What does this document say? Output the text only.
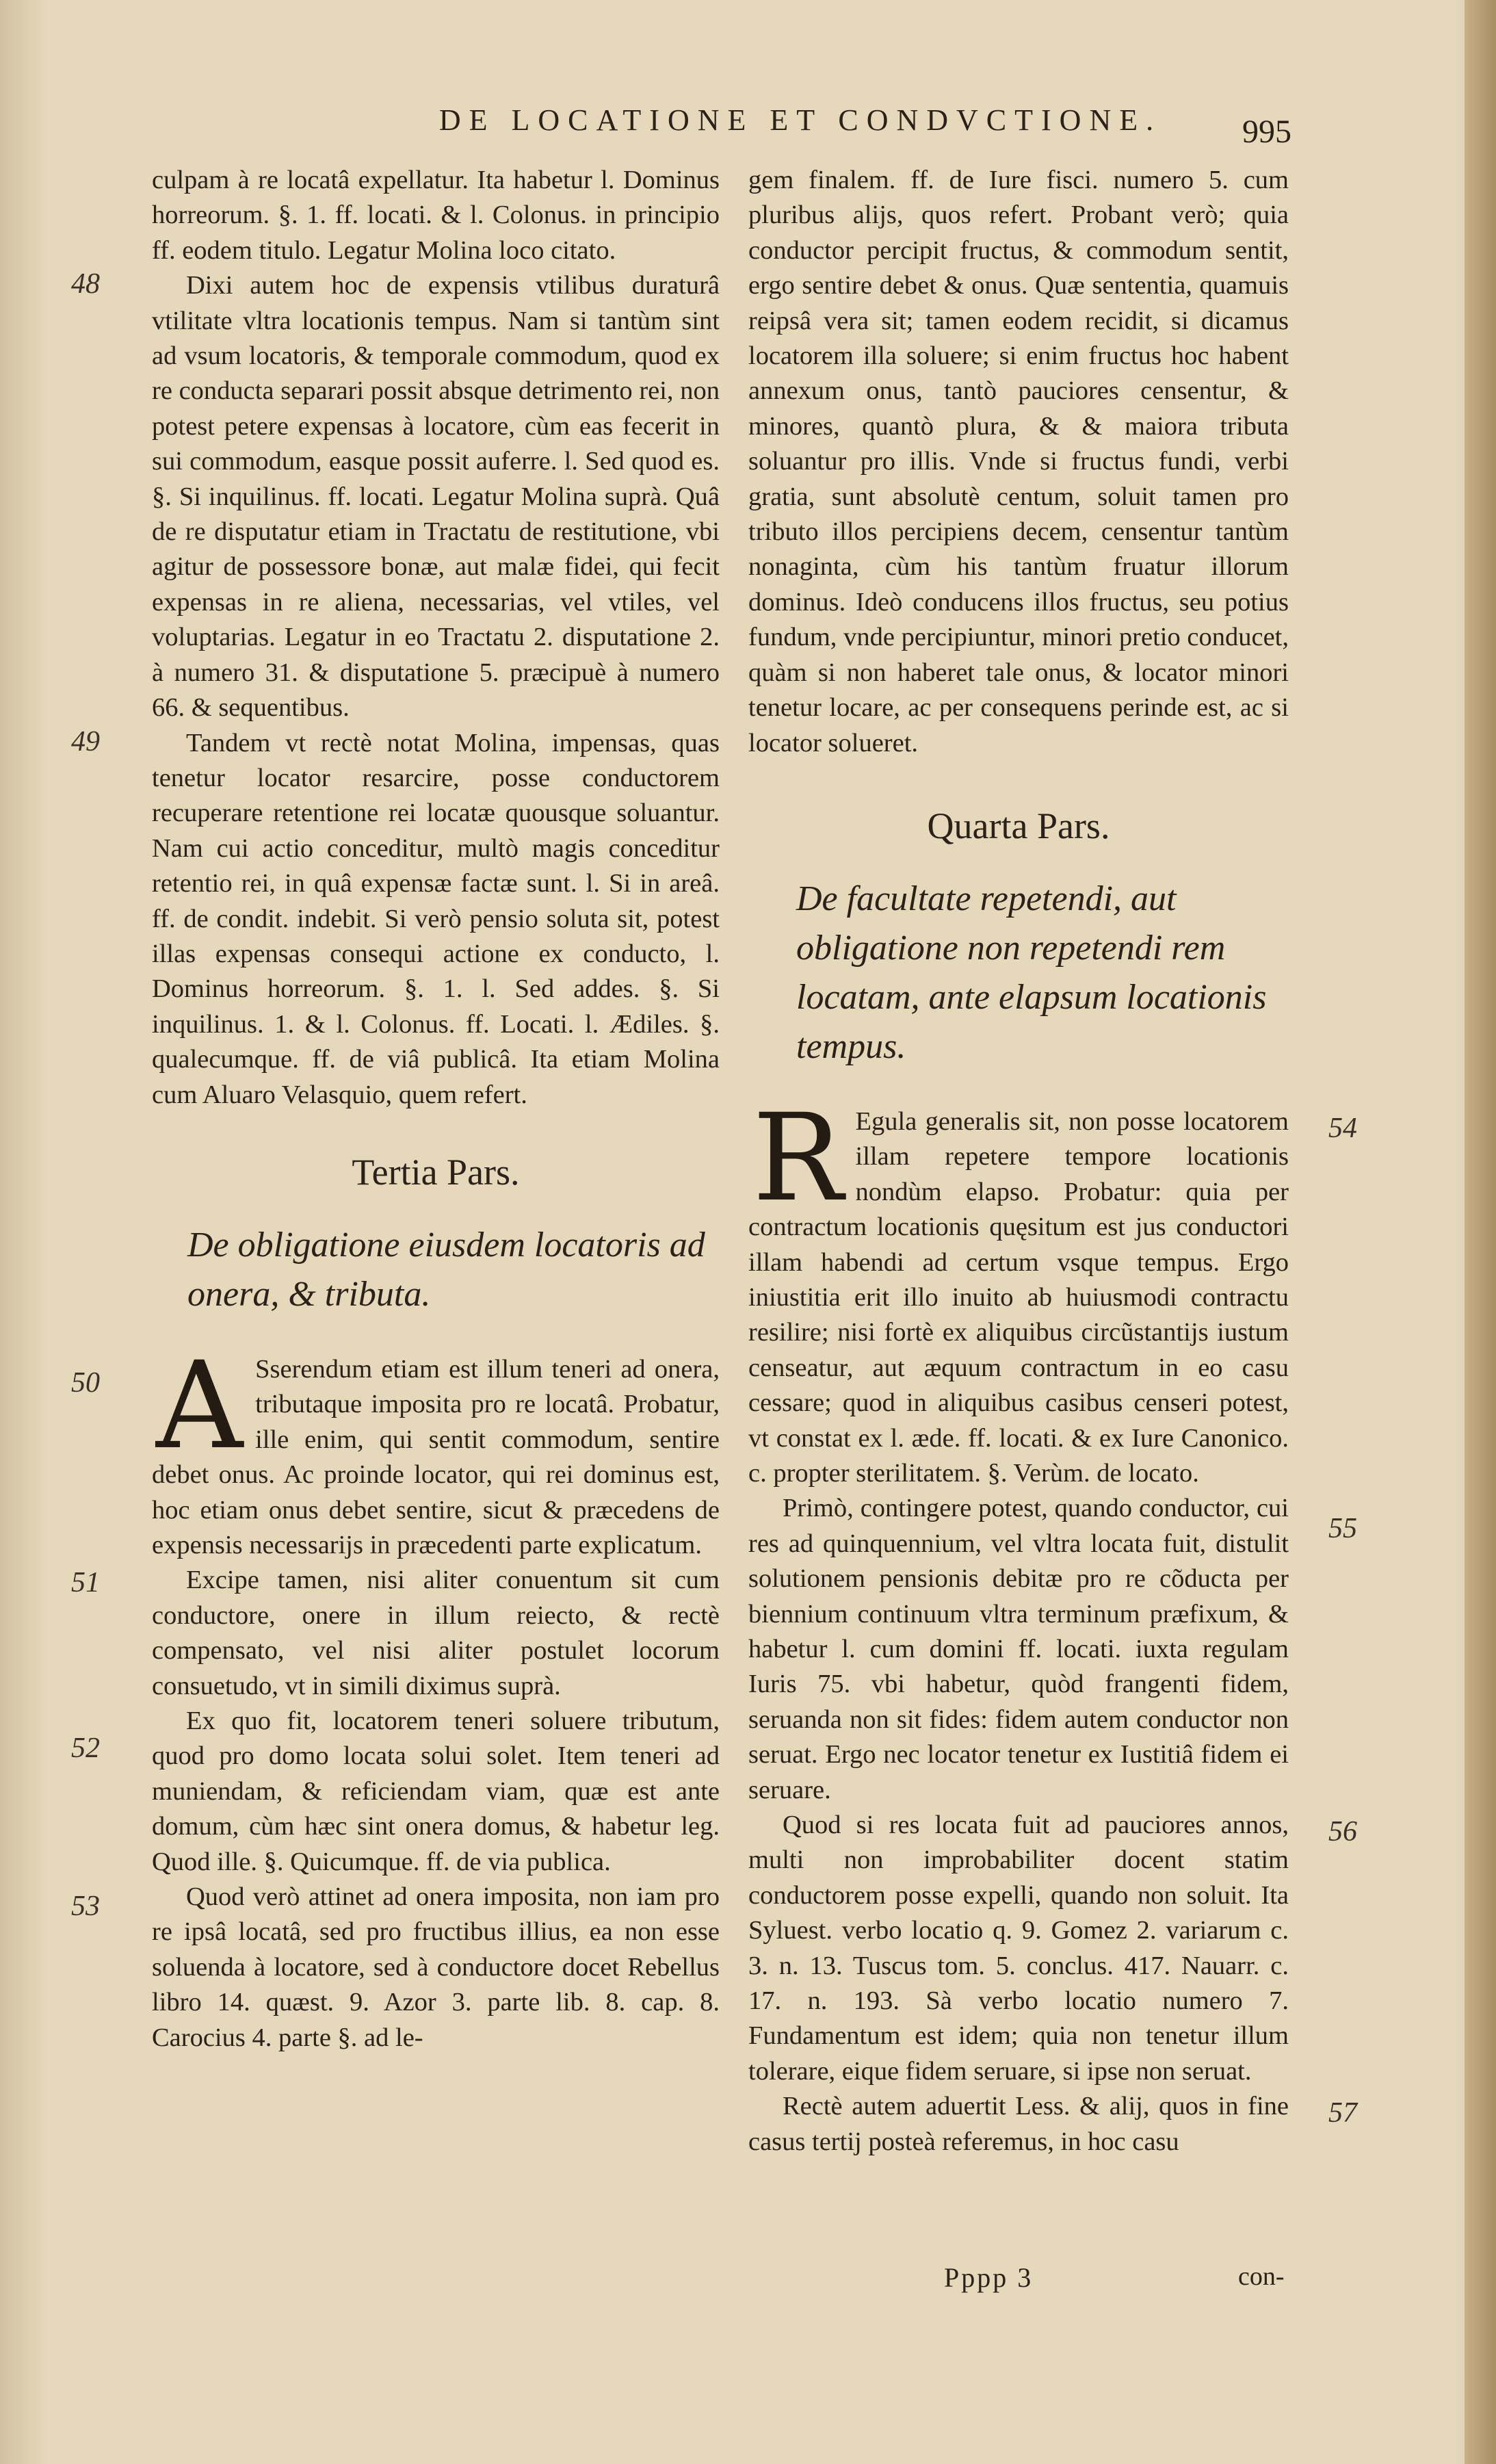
DE LOCATIONE ET CONDVCTIONE.	995

culpam à re locatâ expellatur. Ita habetur l. Dominus horreorum. §. 1. ff. locati. & l. Colonus. in principio ff. eodem titulo. Legatur Molina loco citato.

48	Dixi autem hoc de expensis vtilibus duraturâ vtilitate vltra locationis tempus. Nam si tantùm sint ad vsum locatoris, & temporale commodum, quod ex re conducta separari possit absque detrimento rei, non potest petere expensas à locatore, cùm eas fecerit in sui commodum, easque possit auferre. l. Sed quod es. §. Si inquilinus. ff. locati. Legatur Molina suprà. Quâ de re disputatur etiam in Tractatu de restitutione, vbi agitur de possessore bonæ, aut malæ fidei, qui fecit expensas in re aliena, necessarias, vel vtiles, vel voluptarias. Legatur in eo Tractatu 2. disputatione 2. à numero 31. & disputatione 5. præcipuè à numero 66. & sequentibus.

49	Tandem vt rectè notat Molina, impensas, quas tenetur locator resarcire, posse conductorem recuperare retentione rei locatæ quousque soluantur. Nam cui actio conceditur, multò magis conceditur retentio rei, in quâ expensæ factæ sunt. l. Si in areâ. ff. de condit. indebit. Si verò pensio soluta sit, potest illas expensas consequi actione ex conducto, l. Dominus horreorum. §. 1. l. Sed addes. §. Si inquilinus. 1. & l. Colonus. ff. Locati. l. Ædiles. §. qualecumque. ff. de viâ publicâ. Ita etiam Molina cum Aluaro Velasquio, quem refert.

Tertia Pars.
De obligatione eiusdem locatoris ad onera, & tributa.
50 A Sserendum etiam est illum teneri ad onera, tributaque imposita pro re locatâ. Probatur, ille enim, qui sentit commodum, sentire debet onus. Ac proinde locator, qui rei dominus est, hoc etiam onus debet sentire, sicut & præcedens de expensis necessarijs in præcedenti parte explicatum.

51	Excipe tamen, nisi aliter conuentum sit cum conductore, onere in illum reiecto, & rectè compensato, vel nisi aliter postulet locorum consuetudo, vt in simili diximus suprà.

52

Ex quo fit, locatorem teneri soluere tributum, quod pro domo locata solui solet. Item teneri ad muniendam, & reficiendam viam, quæ est ante domum, cùm hæc sint onera domus, & habetur leg. Quod ille. §. Quicumque. ff. de via publica.

53	Quod verò attinet ad onera imposita, non iam pro re ipsâ locatâ, sed pro fructibus illius, ea non esse soluenda à locatore, sed à conductore docet Rebellus libro 14. quæst. 9. Azor 3. parte lib. 8. cap. 8. Carocius 4. parte §. ad le-

gem finalem. ff. de Iure fisci. numero 5. cum pluribus alijs, quos refert. Probant verò; quia conductor percipit fructus, & commodum sentit, ergo sentire debet & onus. Quæ sententia, quamuis reipsâ vera sit; tamen eodem recidit, si dicamus locatorem illa soluere; si enim fructus hoc habent annexum onus, tantò pauciores censentur, & minores, quantò plura, & & maiora tributa soluantur pro illis. Vnde si fructus fundi, verbi gratia, sunt absolutè centum, soluit tamen pro tributo illos percipiens decem, censentur tantùm nonaginta, cùm his tantùm fruatur illorum dominus. Ideò conducens illos fructus, seu potius fundum, vnde percipiuntur, minori pretio conducet, quàm si non haberet tale onus, & locator minori tenetur locare, ac per consequens perinde est, ac si locator solueret.

Quarta Pars.
De facultate repetendi, aut obligatione non repetendi rem locatam, ante elapsum locationis tempus.
54
R Egula generalis sit, non posse locatorem illam repetere tempore locationis nondùm elapso. Probatur: quia per contractum locationis quęsitum est jus conductori illam habendi ad certum vsque tempus. Ergo iniustitia erit illo inuito ab huiusmodi contractu resilire; nisi fortè ex aliquibus circũstantijs iustum censeatur, aut æquum contractum in eo casu cessare; quod in aliquibus casibus censeri potest, vt constat ex l. æde. ff. locati. & ex Iure Canonico. c. propter sterilitatem. §. Verùm. de locato.

55

Primò, contingere potest, quando conductor, cui res ad quinquennium, vel vltra locata fuit, distulit solutionem pensionis debitæ pro re cõducta per biennium continuum vltra terminum præfixum, & habetur l. cum domini ff. locati. iuxta regulam Iuris 75. vbi habetur, quòd frangenti fidem, seruanda non sit fides: fidem autem conductor non seruat. Ergo nec locator tenetur ex Iustitiâ fidem ei seruare.

56

Quod si res locata fuit ad pauciores annos, multi non improbabiliter docent statim conductorem posse expelli, quando non soluit. Ita Syluest. verbo locatio q. 9. Gomez 2. variarum c. 3. n. 13. Tuscus tom. 5. conclus. 417. Nauarr. c. 17. n. 193. Sà verbo locatio numero 7. Fundamentum est idem; quia non tenetur illum tolerare, eique fidem seruare, si ipse non seruat.

57

Rectè autem aduertit Less. & alij, quos in fine casus tertij posteà referemus, in hoc casu

Pppp 3	con-
